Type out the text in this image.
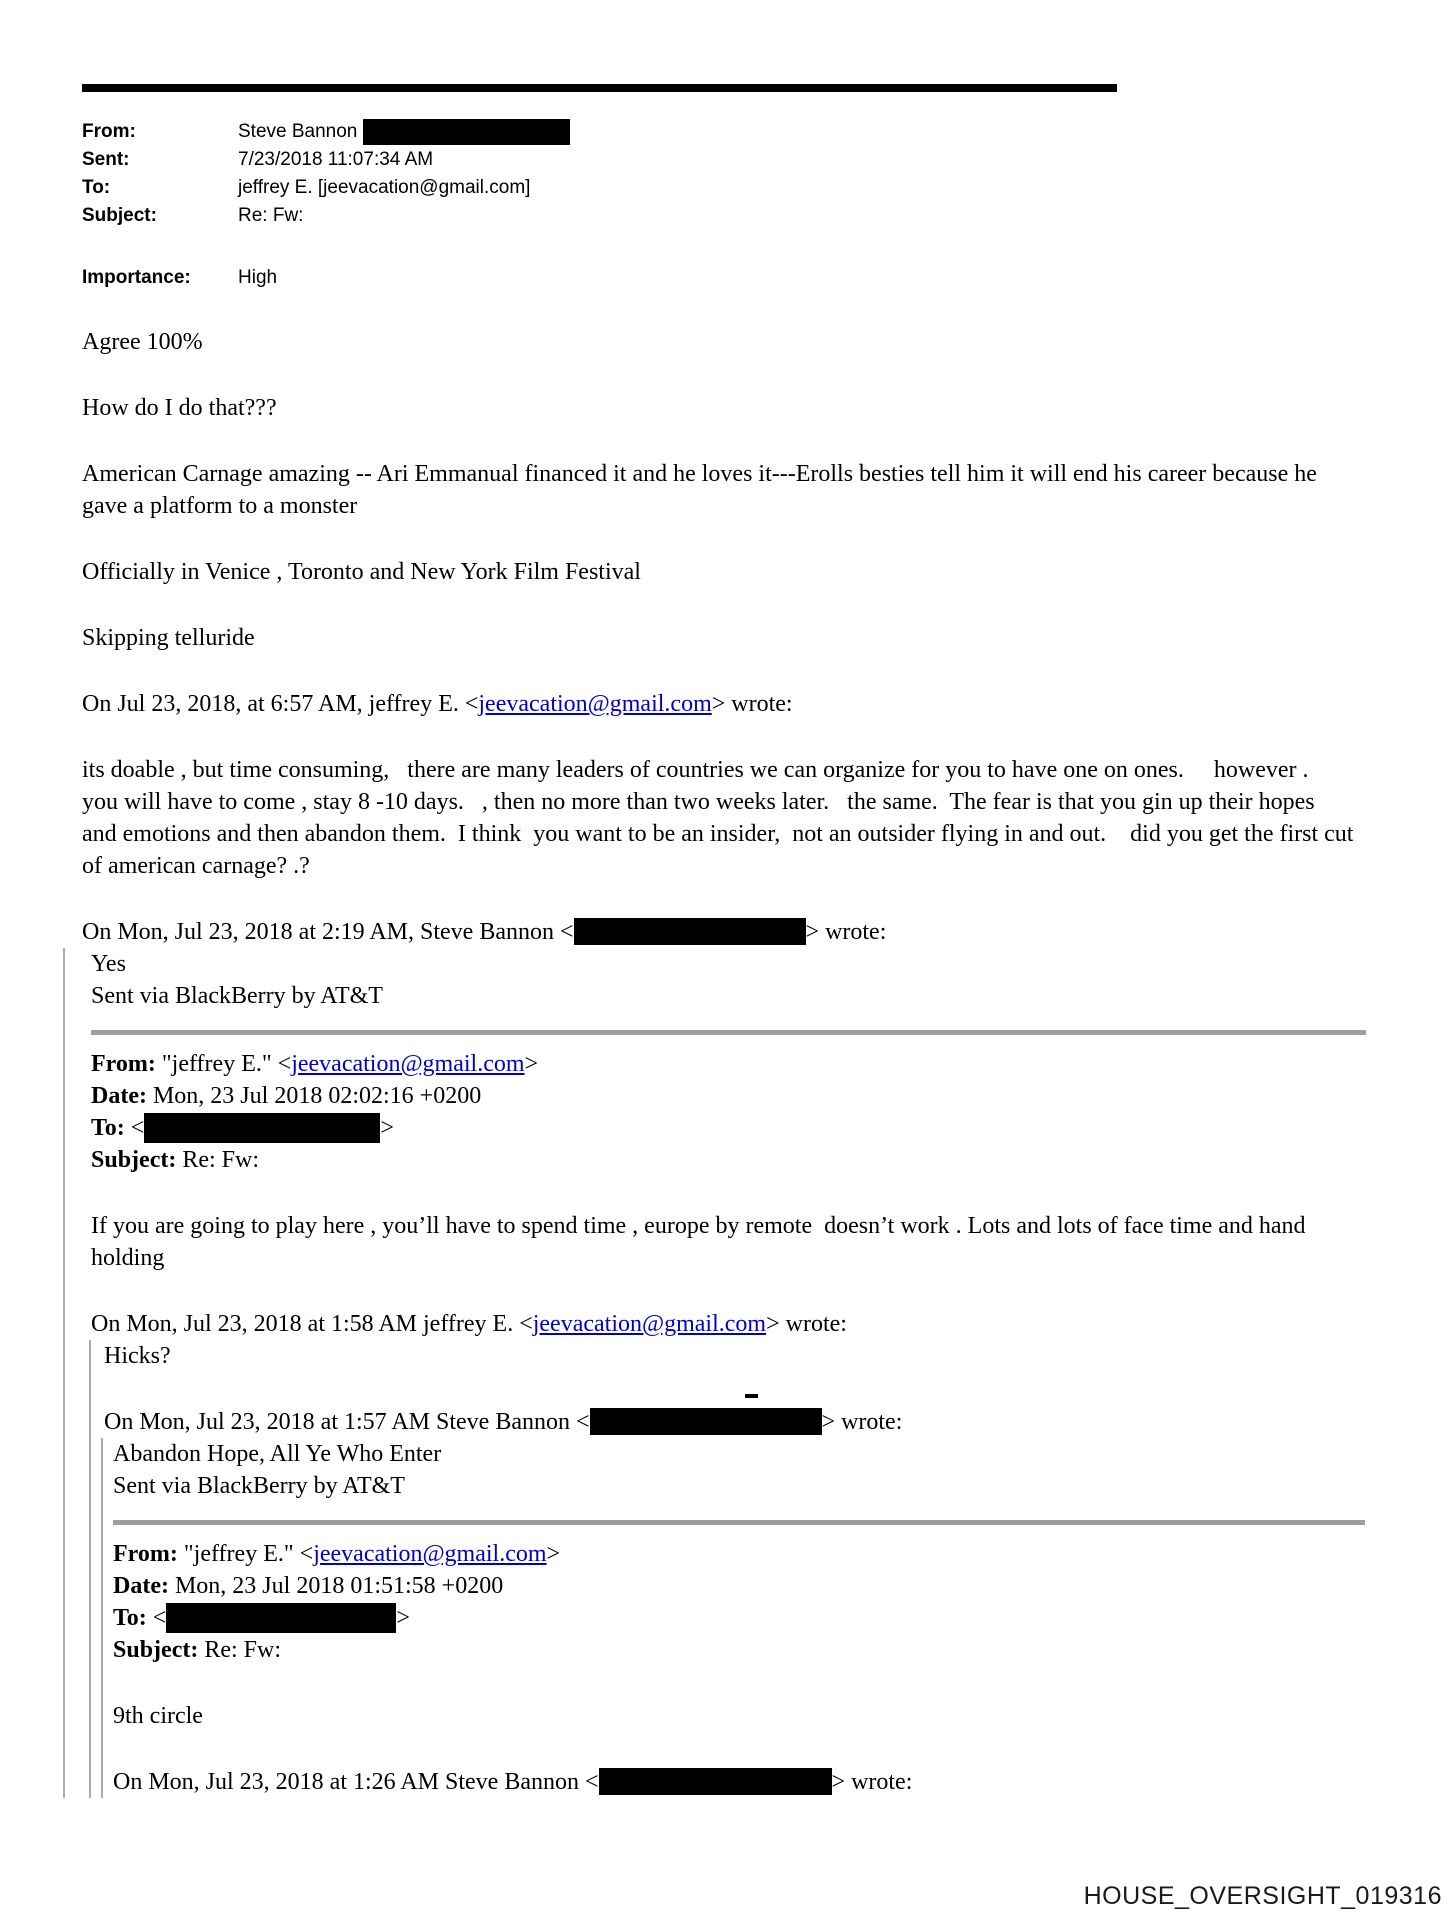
From:	Steve Bannon
Sent:	7/23/2018 11:07:34 AM
To:	jeffrey E. [jeevacation@gmail.com]
Subject:	Re: Fw:
Importance:	High

Agree 100%

How do I do that???

American Carnage amazing -- Ari Emmanual financed it and he loves it---Erolls besties tell him it will end his career because he gave a platform to a monster

Officially in Venice , Toronto and New York Film Festival

Skipping telluride

On Jul 23, 2018, at 6:57 AM, jeffrey E. <jeevacation@gmail.com> wrote:

its doable , but time consuming,   there are many leaders of countries we can organize for you to have one on ones.     however .    you will have to come , stay 8 -10 days.   , then no more than two weeks later.   the same.  The fear is that you gin up their hopes and emotions and then abandon them.  I think  you want to be an insider,  not an outsider flying in and out.    did you get the first cut of american carnage? .?

On Mon, Jul 23, 2018 at 2:19 AM, Steve Bannon <	> wrote:

Yes
Sent via BlackBerry by AT&T
From: "jeffrey E." <jeevacation@gmail.com>
Date: Mon, 23 Jul 2018 02:02:16 +0200
To: <	>
Subject: Re: Fw:

If you are going to play here , you’ll have to spend time , europe by remote  doesn’t work . Lots and lots of face time and hand holding

On Mon, Jul 23, 2018 at 1:58 AM jeffrey E. <jeevacation@gmail.com> wrote:

Hicks?

On Mon, Jul 23, 2018 at 1:57 AM Steve Bannon <	> wrote:

Abandon Hope, All Ye Who Enter
Sent via BlackBerry by AT&T
From: "jeffrey E." <jeevacation@gmail.com>
Date: Mon, 23 Jul 2018 01:51:58 +0200
To: <	>
Subject: Re: Fw:

9th circle

On Mon, Jul 23, 2018 at 1:26 AM Steve Bannon <	> wrote:

HOUSE_OVERSIGHT_019316
